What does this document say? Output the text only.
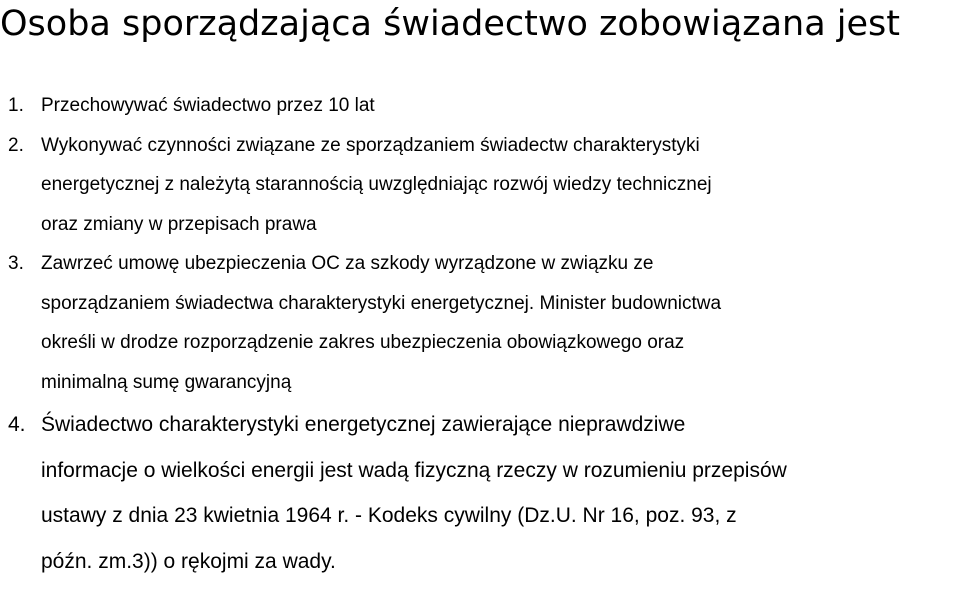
Osoba sporządzająca świadectwo zobowiązana jest
1. Przechowywać świadectwo przez 10 lat
2. Wykonywać czynności związane ze sporządzaniem świadectw charakterystyki
energetycznej z należytą starannością uwzględniając rozwój wiedzy technicznej
oraz zmiany w przepisach prawa
3. Zawrzeć umowę ubezpieczenia OC za szkody wyrządzone w związku ze
sporządzaniem świadectwa charakterystyki energetycznej. Minister budownictwa
określi w drodze rozporządzenie zakres ubezpieczenia obowiązkowego oraz
minimalną sumę gwarancyjną
4. Świadectwo charakterystyki energetycznej zawierające nieprawdziwe
informacje o wielkości energii jest wadą fizyczną rzeczy w rozumieniu przepisów
ustawy z dnia 23 kwietnia 1964 r. - Kodeks cywilny (Dz.U. Nr 16, poz. 93, z
późn. zm.3)) o rękojmi za wady.
